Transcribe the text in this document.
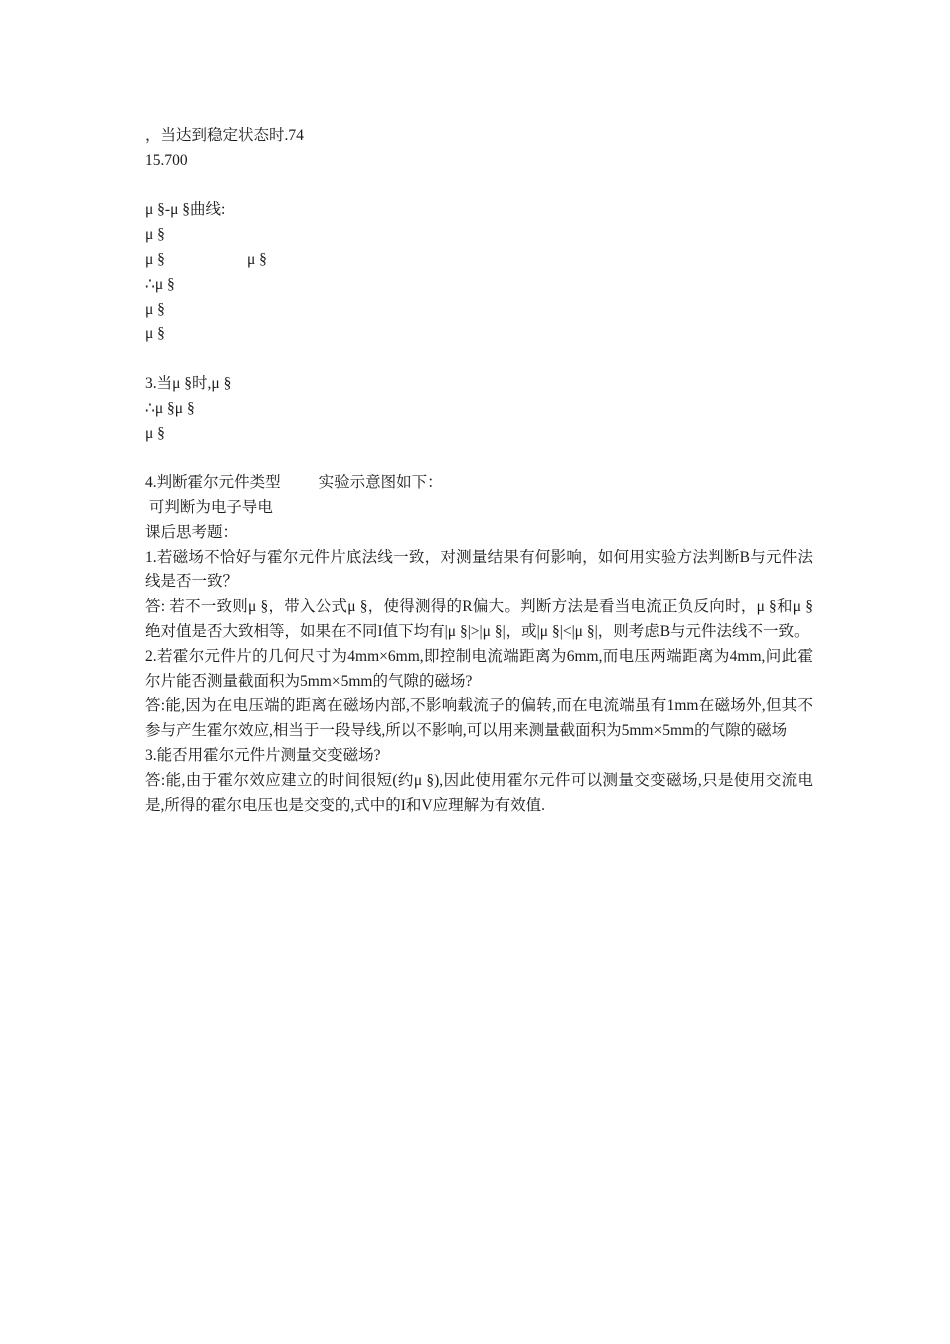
，当达到稳定状态时.74
15.700
μ §-μ §曲线:
μ §
μ §	μ §
∴μ §
μ §
μ §
3.当μ §时,μ §
∴μ §μ §
μ §
4.判断霍尔元件类型 实验示意图如下：
可判断为电子导电
课后思考题：
1.若磁场不恰好与霍尔元件片底法线一致，对测量结果有何影响，如何用实验方法判断B与元件法线是否一致？
答: 若不一致则μ §，带入公式μ §，使得测得的R偏大。判断方法是看当电流正负反向时，μ §和μ §绝对值是否大致相等，如果在不同I值下均有|μ §|>|μ §|，或|μ §|<|μ §|，则考虑B与元件法线不一致。
2.若霍尔元件片的几何尺寸为4mm×6mm,即控制电流端距离为6mm,而电压两端距离为4mm,问此霍尔片能否测量截面积为5mm×5mm的气隙的磁场?
答:能,因为在电压端的距离在磁场内部,不影响载流子的偏转,而在电流端虽有1mm在磁场外,但其不参与产生霍尔效应,相当于一段导线,所以不影响,可以用来测量截面积为5mm×5mm的气隙的磁场
3.能否用霍尔元件片测量交变磁场?
答:能,由于霍尔效应建立的时间很短(约μ §),因此使用霍尔元件可以测量交变磁场,只是使用交流电是,所得的霍尔电压也是交变的,式中的I和V应理解为有效值.
